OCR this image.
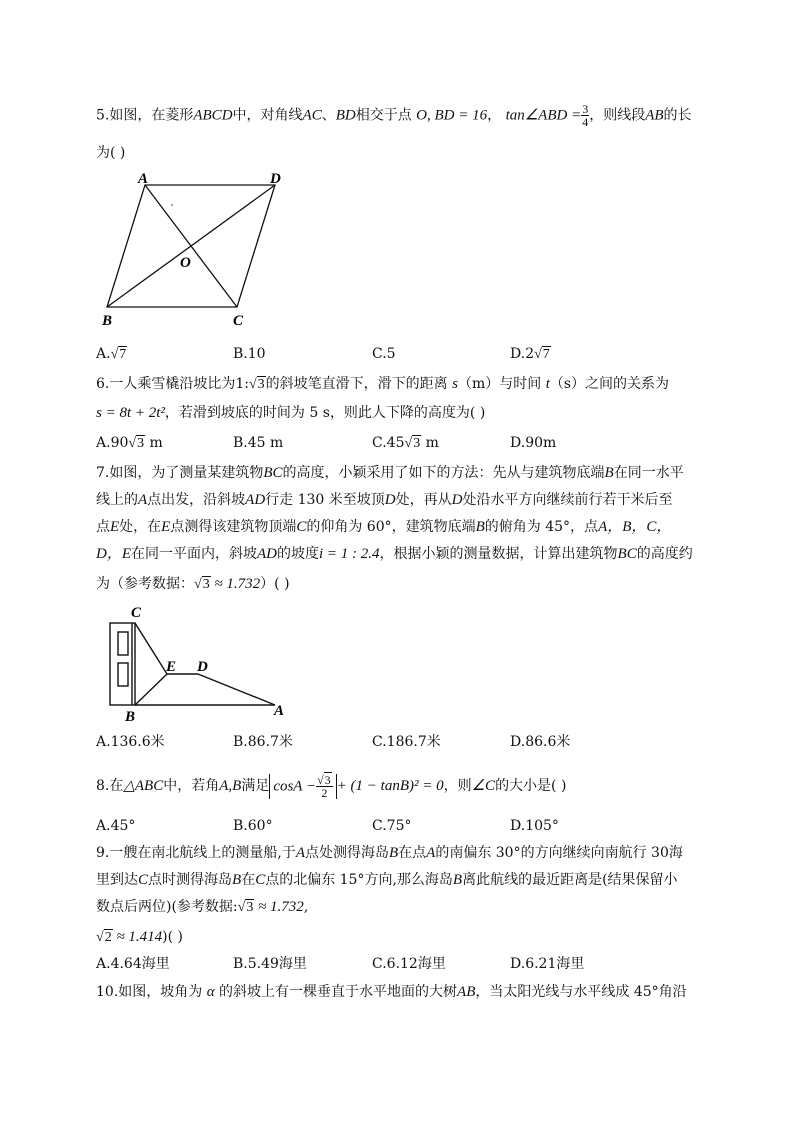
5.如图，在菱形ABCD中，对角线AC、BD相交于点 O, BD = 16， tan∠ABD = $\frac{3}{4}$ ，则线段AB的长
为( )
A	D
O
B	C
A.√7	B.10	C.5	D.2√7
6.一人乘雪橇沿坡比为1:√3的斜坡笔直滑下，滑下的距离 s（m）与时间 t（s）之间的关系为
s = 8t + 2t²，若滑到坡底的时间为 5 s，则此人下降的高度为( )
A.90√3 m	B.45 m	C.45√3 m	D.90m
7.如图，为了测量某建筑物BC的高度，小颖采用了如下的方法：先从与建筑物底端B在同一水平
线上的A点出发，沿斜坡AD行走 130 米至坡顶D处，再从D处沿水平方向继续前行若干米后至
点E处，在E点测得该建筑物顶端C的仰角为 60°，建筑物底端B的俯角为 45°，点A，B，C，
D，E在同一平面内，斜坡AD的坡度i = 1 : 2.4，根据小颖的测量数据，计算出建筑物BC的高度约
为（参考数据：√3 ≈ 1.732）( )
C
E D
B	A
A.136.6米	B.86.7米	C.186.7米	D.86.6米
8.在△ABC中，若角A,B满足 $\cos A - \frac{√3}{2} + (1 - \tan B)^2 = 0$，则∠C的大小是( )
A.45°	B.60°	C.75°	D.105°
9.一艘在南北航线上的测量船,于A点处测得海岛B在点A的南偏东 30°的方向继续向南航行 30海
里到达C点时测得海岛B在C点的北偏东 15°方向,那么海岛B离此航线的最近距离是(结果保留小
数点后两位)(参考数据:√3 ≈ 1.732,
√2 ≈ 1.414)( )
A.4.64海里	B.5.49海里	C.6.12海里	D.6.21海里
10.如图，坡角为 α 的斜坡上有一棵垂直于水平地面的大树AB，当太阳光线与水平线成 45°角沿
